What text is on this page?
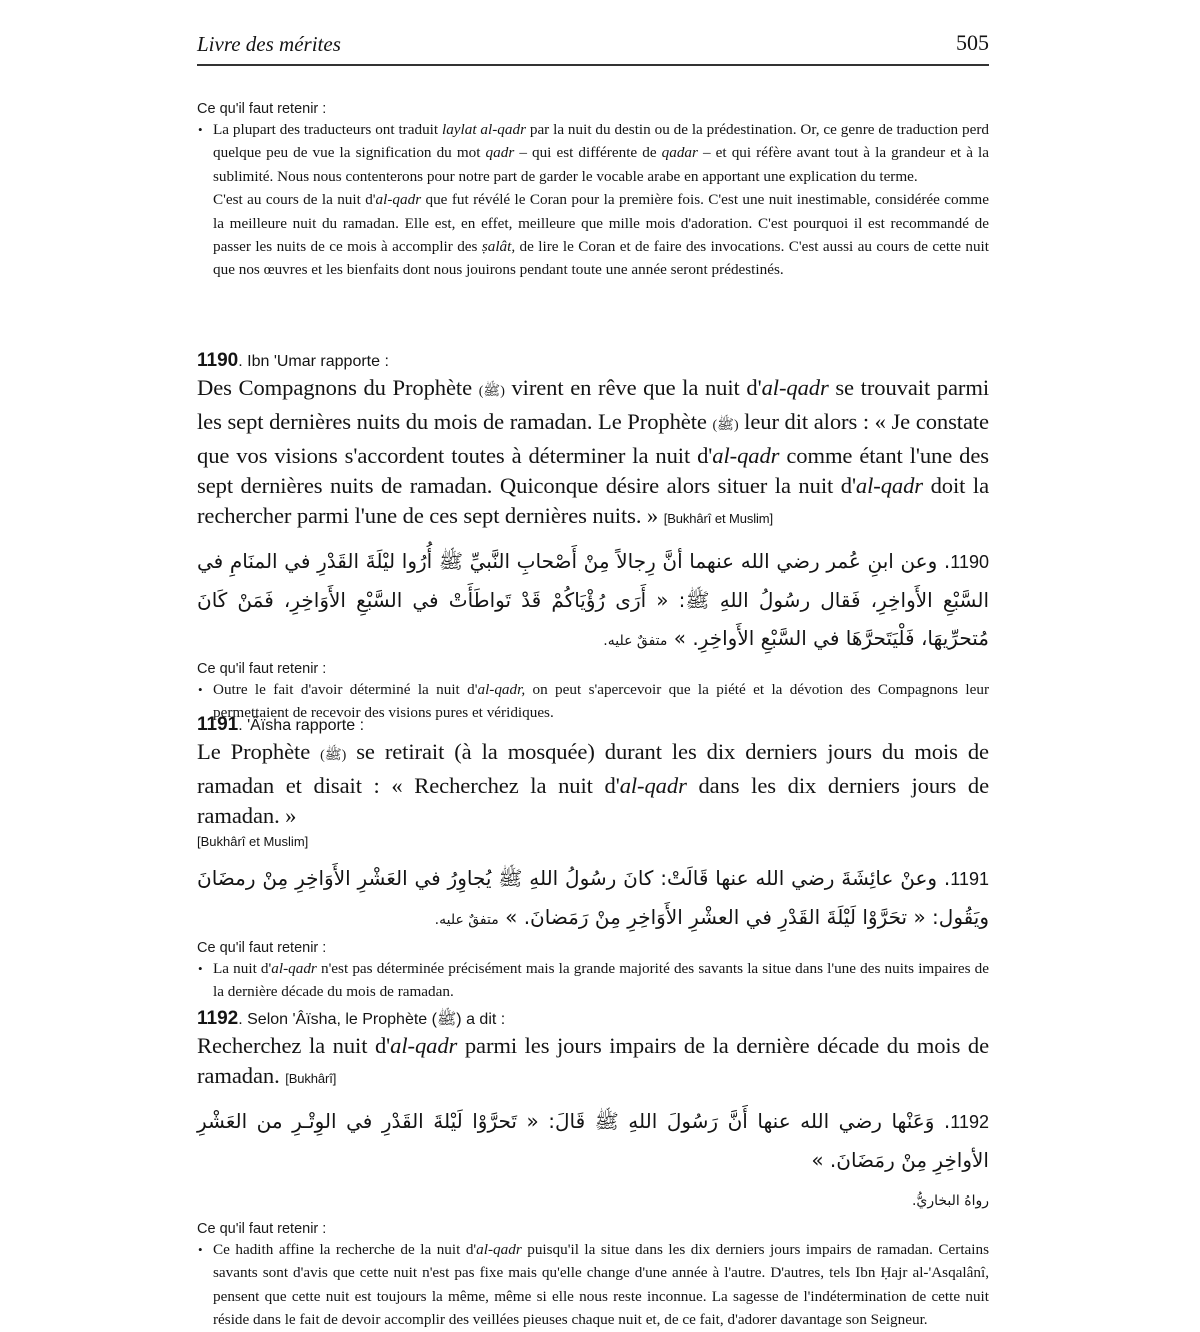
Livre des mérites	505
Ce qu'il faut retenir :
• La plupart des traducteurs ont traduit laylat al-qadr par la nuit du destin ou de la prédestination. Or, ce genre de traduction perd quelque peu de vue la signification du mot qadr – qui est différente de qadar – et qui réfère avant tout à la grandeur et à la sublimité. Nous nous contenterons pour notre part de garder le vocable arabe en apportant une explication du terme.

C'est au cours de la nuit d'al-qadr que fut révélé le Coran pour la première fois. C'est une nuit inestimable, considérée comme la meilleure nuit du ramadan. Elle est, en effet, meilleure que mille mois d'adoration. C'est pourquoi il est recommandé de passer les nuits de ce mois à accomplir des ṣalât, de lire le Coran et de faire des invocations. C'est aussi au cours de cette nuit que nos œuvres et les bienfaits dont nous jouirons pendant toute une année seront prédestinés.

1190. Ibn 'Umar rapporte :
Des Compagnons du Prophète (ﷺ) virent en rêve que la nuit d'al-qadr se trouvait parmi les sept dernières nuits du mois de ramadan. Le Prophète (ﷺ) leur dit alors : « Je constate que vos visions s'accordent toutes à déterminer la nuit d'al-qadr comme étant l'une des sept dernières nuits de ramadan. Quiconque désire alors situer la nuit d'al-qadr doit la rechercher parmi l'une de ces sept dernières nuits. » [Bukhârî et Muslim]
1190. وعن ابنِ عُمر رضي الله عنهما أنَّ رِجالاً مِنْ أَصْحابِ النَّبيِّ ﷺ أُرُوا ليْلَةَ القَدْرِ في المنَامِ في السَّبْعِ الأَواخِرِ، فَقال رسُولُ اللهِ ﷺ: « أَرَى رُؤْيَاكُمْ قَدْ تَواطَأَتْ في السَّبْعِ الأَوَاخِرِ، فَمَنْ كَانَ مُتحرِّيهَا، فَلْيَتَحرَّهَا في السَّبْعِ الأَواخِرِ. » متفقٌ عليه.
Ce qu'il faut retenir :
• Outre le fait d'avoir déterminé la nuit d'al-qadr, on peut s'apercevoir que la piété et la dévotion des Compagnons leur permettaient de recevoir des visions pures et véridiques.

1191. 'Âïsha rapporte :
Le Prophète (ﷺ) se retirait (à la mosquée) durant les dix derniers jours du mois de ramadan et disait : « Recherchez la nuit d'al-qadr dans les dix derniers jours de ramadan. »
[Bukhârî et Muslim]
1191. وعنْ عائِشَةَ رضي الله عنها قَالَتْ: كانَ رسُولُ اللهِ ﷺ يُجاوِرُ في العَشْرِ الأَوَاخِرِ مِنْ رمضَانَ ويَقُول: « تحَرَّوْا لَيْلَةَ القَدْرِ في العشْرِ الأَوَاخِرِ مِنْ رَمَضانَ. » متفقٌ عليه.
Ce qu'il faut retenir :
• La nuit d'al-qadr n'est pas déterminée précisément mais la grande majorité des savants la situe dans l'une des nuits impaires de la dernière décade du mois de ramadan.

1192. Selon 'Âïsha, le Prophète (ﷺ) a dit :
Recherchez la nuit d'al-qadr parmi les jours impairs de la dernière décade du mois de ramadan. [Bukhârî]
1192. وَعَنْها رضي الله عنها أَنَّ رَسُولَ اللهِ ﷺ قَالَ: « تَحرَّوْا لَيْلةَ القَدْرِ في الوِتْـرِ من العَشْرِ الأواخِرِ مِنْ رمَضَانَ. »
رواهُ البخاريُّ.
Ce qu'il faut retenir :
• Ce hadith affine la recherche de la nuit d'al-qadr puisqu'il la situe dans les dix derniers jours impairs de ramadan. Certains savants sont d'avis que cette nuit n'est pas fixe mais qu'elle change d'une année à l'autre. D'autres, tels Ibn Ḥajr al-'Asqalânî, pensent que cette nuit est toujours la même, même si elle nous reste inconnue. La sagesse de l'indétermination de cette nuit réside dans le fait de devoir accomplir des veillées pieuses chaque nuit et, de ce fait, d'adorer davantage son Seigneur.
